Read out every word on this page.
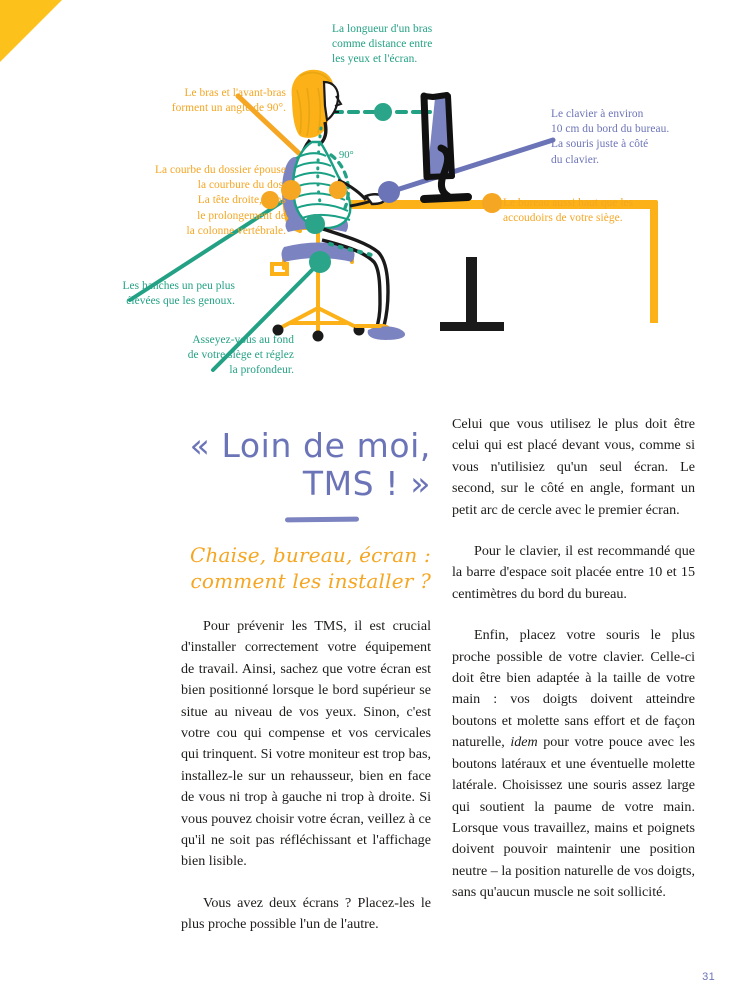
90°
La longueur d'un bras
comme distance entre
les yeux et l'écran.
Le bras et l'avant-bras
forment un angle de 90°.	Le clavier à environ
10 cm du bord du bureau.
La souris juste à côté
du clavier.
La courbe du dossier épouse
la courbure du dos.
La tête droite, dans
le prolongement de
la colonne vertébrale.
Le bureau aussi haut que les
accoudoirs de votre siège.
Les hanches un peu plus
élevées que les genoux.
Asseyez-vous au fond
de votre siège et réglez
la profondeur.
« Loin de moi,
TMS ! »
Chaise, bureau, écran :
comment les installer ?

Pour prévenir les TMS, il est crucial d'installer correctement votre équipement de travail. Ainsi, sachez que votre écran est bien positionné lorsque le bord supérieur se situe au niveau de vos yeux. Sinon, c'est votre cou qui compense et vos cervicales qui trinquent. Si votre moniteur est trop bas, installez-le sur un rehausseur, bien en face de vous ni trop à gauche ni trop à droite. Si vous pouvez choisir votre écran, veillez à ce qu'il ne soit pas réfléchissant et l'affichage bien lisible.

Vous avez deux écrans ? Placez-les le plus proche possible l'un de l'autre.

Celui que vous utilisez le plus doit être celui qui est placé devant vous, comme si vous n'utilisiez qu'un seul écran. Le second, sur le côté en angle, formant un petit arc de cercle avec le premier écran.

Pour le clavier, il est recommandé que la barre d'espace soit placée entre 10 et 15 centimètres du bord du bureau.

Enfin, placez votre souris le plus proche possible de votre clavier. Celle-ci doit être bien adaptée à la taille de votre main : vos doigts doivent atteindre boutons et molette sans effort et de façon naturelle, idem pour votre pouce avec les boutons latéraux et une éventuelle molette latérale. Choisissez une souris assez large qui soutient la paume de votre main. Lorsque vous travaillez, mains et poignets doivent pouvoir maintenir une position neutre – la position naturelle de vos doigts, sans qu'aucun muscle ne soit sollicité.

31
